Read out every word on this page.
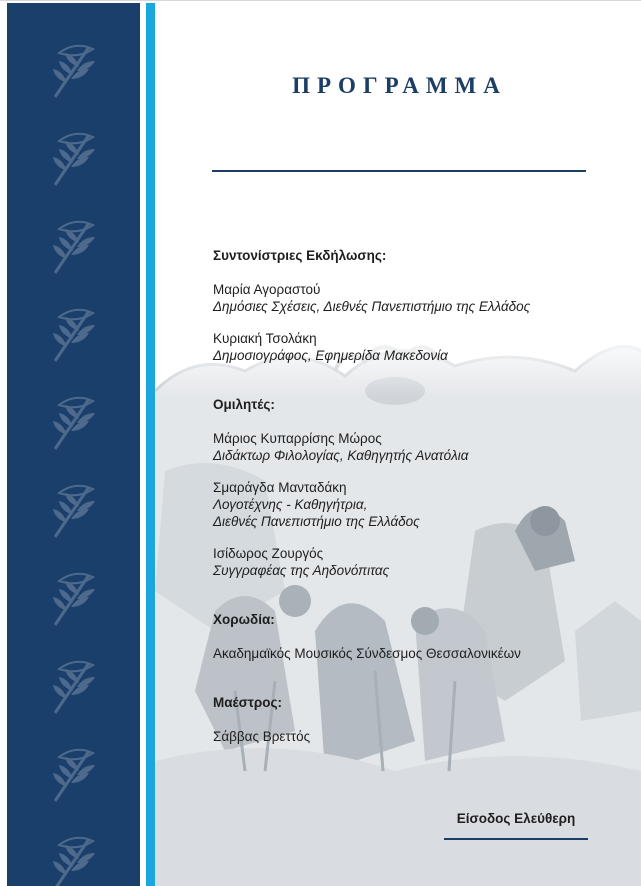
ΠΡΟΓΡΑΜΜΑ

Συντονίστριες Εκδήλωσης:

Μαρία Αγοραστού
Δημόσιες Σχέσεις, Διεθνές Πανεπιστήμιο της Ελλάδος

Κυριακή Τσολάκη
Δημοσιογράφος, Εφημερίδα Μακεδονία

Ομιλητές:

Μάριος Κυπαρρίσης Μώρος
Διδάκτωρ Φιλολογίας, Καθηγητής Ανατόλια

Σμαράγδα Μανταδάκη
Λογοτέχνης - Καθηγήτρια,
Διεθνές Πανεπιστήμιο της Ελλάδος

Ισίδωρος Ζουργός
Συγγραφέας της Αηδονόπιτας

Χορωδία:

Ακαδημαϊκός Μουσικός Σύνδεσμος Θεσσαλονικέων

Μαέστρος:

Σάββας Βρεττός

Είσοδος Ελεύθερη
